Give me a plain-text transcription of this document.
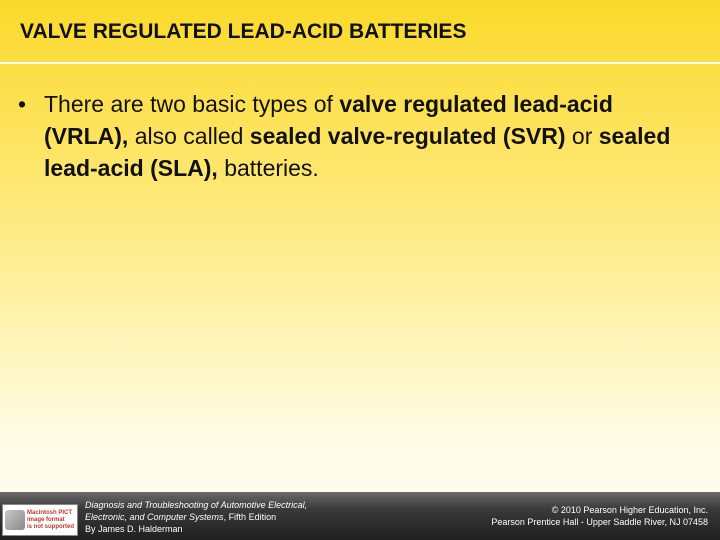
VALVE REGULATED LEAD-ACID BATTERIES
• There are two basic types of valve regulated lead-acid (VRLA), also called sealed valve-regulated (SVR) or sealed lead-acid (SLA), batteries.
Macintosh PICT
image format
is not supported
Diagnosis and Troubleshooting of Automotive Electrical,
Electronic, and Computer Systems, Fifth Edition
By James D. Halderman
© 2010 Pearson Higher Education, Inc.
Pearson Prentice Hall - Upper Saddle River, NJ 07458
